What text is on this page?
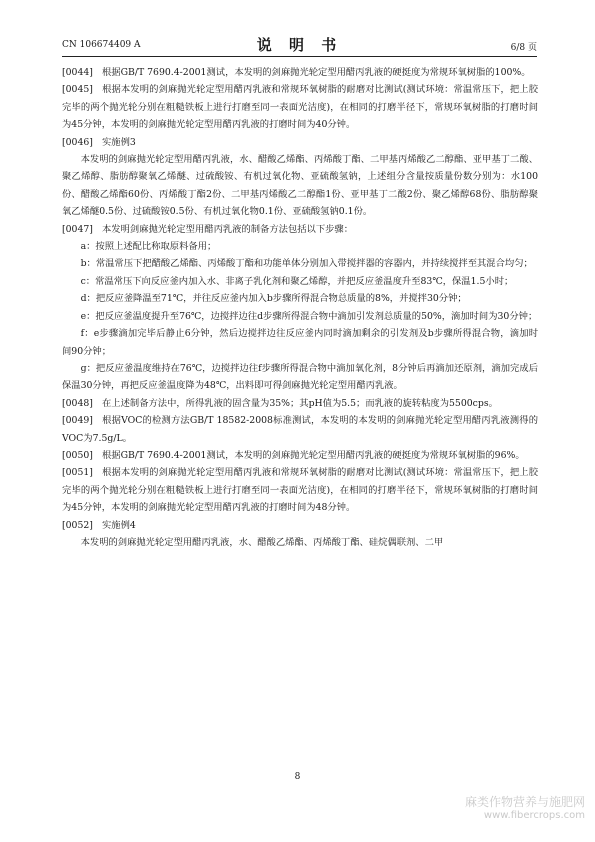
CN 106674409 A	说 明 书	6/8 页

[0044] 根据GB/T 7690.4-2001测试，本发明的剑麻抛光轮定型用醋丙乳液的硬挺度为常规环氧树脂的100%。

[0045] 根据本发明的剑麻抛光轮定型用醋丙乳液和常规环氧树脂的耐磨对比测试(测试环境：常温常压下，把上胶完毕的两个抛光轮分别在粗糙铁板上进行打磨至同一表面光洁度)，在相同的打磨半径下，常规环氧树脂的打磨时间为45分钟，本发明的剑麻抛光轮定型用醋丙乳液的打磨时间为40分钟。

[0046] 实施例3

本发明的剑麻抛光轮定型用醋丙乳液，水、醋酸乙烯酯、丙烯酸丁酯、二甲基丙烯酸乙二醇酯、亚甲基丁二酸、聚乙烯醇、脂肪醇聚氧乙烯醚、过硫酸铵、有机过氧化物、亚硫酸氢钠，上述组分含量按质量份数分别为：水100份、醋酸乙烯酯60份、丙烯酸丁酯2份、二甲基丙烯酸乙二醇酯1份、亚甲基丁二酸2份、聚乙烯醇68份、脂肪醇聚氧乙烯醚0.5份、过硫酸铵0.5份、有机过氧化物0.1份、亚硫酸氢钠0.1份。

[0047] 本发明剑麻抛光轮定型用醋丙乳液的制备方法包括以下步骤：

a：按照上述配比称取原料备用；

b：常温常压下把醋酸乙烯酯、丙烯酸丁酯和功能单体分别加入带搅拌器的容器内，并持续搅拌至其混合均匀；

c：常温常压下向反应釜内加入水、非离子乳化剂和聚乙烯醇，并把反应釜温度升至83℃，保温1.5小时；

d：把反应釜降温至71℃，并往反应釜内加入b步骤所得混合物总质量的8%，并搅拌30分钟；

e：把反应釜温度提升至76℃，边搅拌边往d步骤所得混合物中滴加引发剂总质量的50%，滴加时间为30分钟；

f：e步骤滴加完毕后静止6分钟，然后边搅拌边往反应釜内同时滴加剩余的引发剂及b步骤所得混合物，滴加时间90分钟；

g：把反应釜温度维持在76℃，边搅拌边往f步骤所得混合物中滴加氧化剂，8分钟后再滴加还原剂，滴加完成后保温30分钟，再把反应釜温度降为48℃，出料即可得剑麻抛光轮定型用醋丙乳液。

[0048] 在上述制备方法中，所得乳液的固含量为35%；其pH值为5.5；而乳液的旋转粘度为5500cps。

[0049] 根据VOC的检测方法GB/T 18582-2008标准测试，本发明的本发明的剑麻抛光轮定型用醋丙乳液测得的VOC为7.5g/L。

[0050] 根据GB/T 7690.4-2001测试，本发明的剑麻抛光轮定型用醋丙乳液的硬挺度为常规环氧树脂的96%。

[0051] 根据本发明的剑麻抛光轮定型用醋丙乳液和常规环氧树脂的耐磨对比测试(测试环境：常温常压下，把上胶完毕的两个抛光轮分别在粗糙铁板上进行打磨至同一表面光洁度)，在相同的打磨半径下，常规环氧树脂的打磨时间为45分钟，本发明的剑麻抛光轮定型用醋丙乳液的打磨时间为48分钟。

[0052] 实施例4

本发明的剑麻抛光轮定型用醋丙乳液，水、醋酸乙烯酯、丙烯酸丁酯、硅烷偶联剂、二甲

8
麻类作物营养与施肥网
www.fibercrops.com
